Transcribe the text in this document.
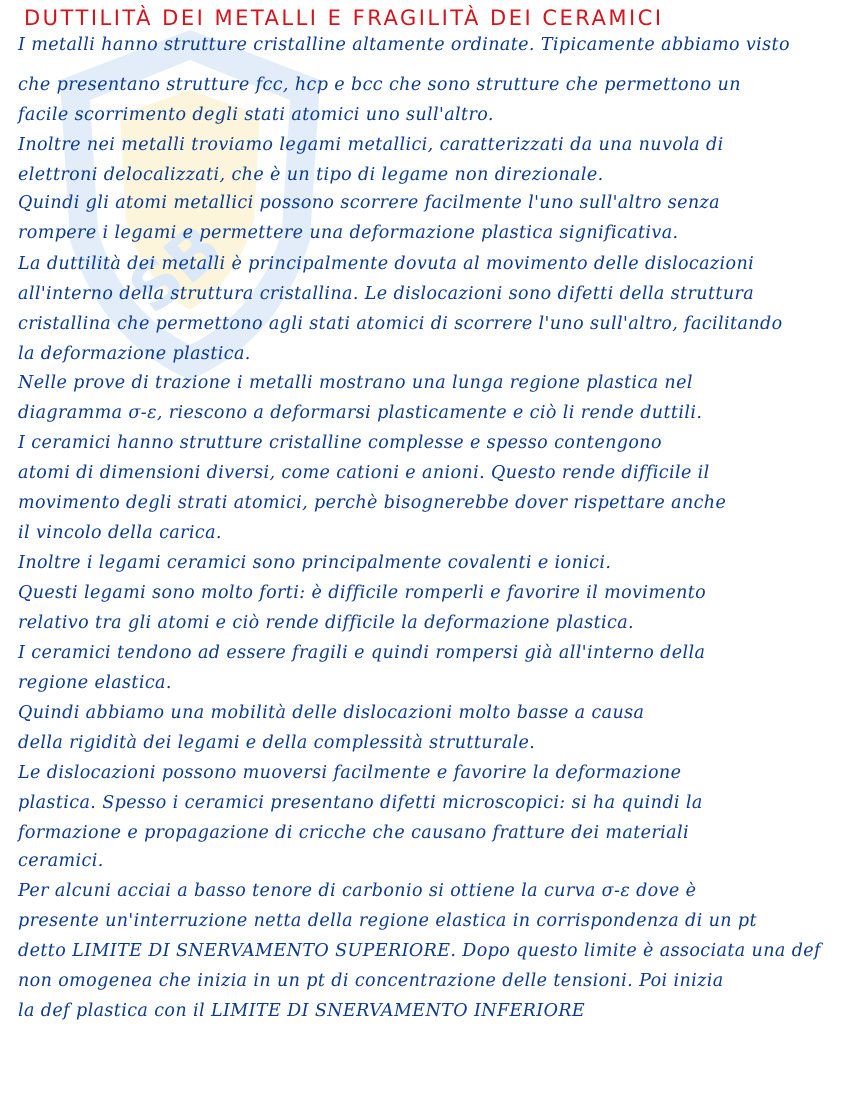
SB
DUTTILITÀ DEI METALLI E FRAGILITÀ DEI CERAMICI
I metalli hanno strutture cristalline altamente ordinate. Tipicamente abbiamo visto
che presentano strutture fcc, hcp e bcc che sono strutture che permettono un
facile scorrimento degli stati atomici uno sull'altro.
Inoltre nei metalli troviamo legami metallici, caratterizzati da una nuvola di
elettroni delocalizzati, che è un tipo di legame non direzionale.
Quindi gli atomi metallici possono scorrere facilmente l'uno sull'altro senza
rompere i legami e permettere una deformazione plastica significativa.
La duttilità dei metalli è principalmente dovuta al movimento delle dislocazioni
all'interno della struttura cristallina. Le dislocazioni sono difetti della struttura
cristallina che permettono agli stati atomici di scorrere l'uno sull'altro, facilitando
la deformazione plastica.
Nelle prove di trazione i metalli mostrano una lunga regione plastica nel
diagramma σ-ε, riescono a deformarsi plasticamente e ciò li rende duttili.
I ceramici hanno strutture cristalline complesse e spesso contengono
atomi di dimensioni diversi, come cationi e anioni. Questo rende difficile il
movimento degli strati atomici, perchè bisognerebbe dover rispettare anche
il vincolo della carica.
Inoltre i legami ceramici sono principalmente covalenti e ionici.
Questi legami sono molto forti: è difficile romperli e favorire il movimento
relativo tra gli atomi e ciò rende difficile la deformazione plastica.
I ceramici tendono ad essere fragili e quindi rompersi già all'interno della
regione elastica.
Quindi abbiamo una mobilità delle dislocazioni molto basse a causa
della rigidità dei legami e della complessità strutturale.
Le dislocazioni possono muoversi facilmente e favorire la deformazione
plastica. Spesso i ceramici presentano difetti microscopici: si ha quindi la
formazione e propagazione di cricche che causano fratture dei materiali
ceramici.
Per alcuni acciai a basso tenore di carbonio si ottiene la curva σ-ε dove è
presente un'interruzione netta della regione elastica in corrispondenza di un pt
detto LIMITE DI SNERVAMENTO SUPERIORE. Dopo questo limite è associata una def
non omogenea che inizia in un pt di concentrazione delle tensioni. Poi inizia
la def plastica con il LIMITE DI SNERVAMENTO INFERIORE
